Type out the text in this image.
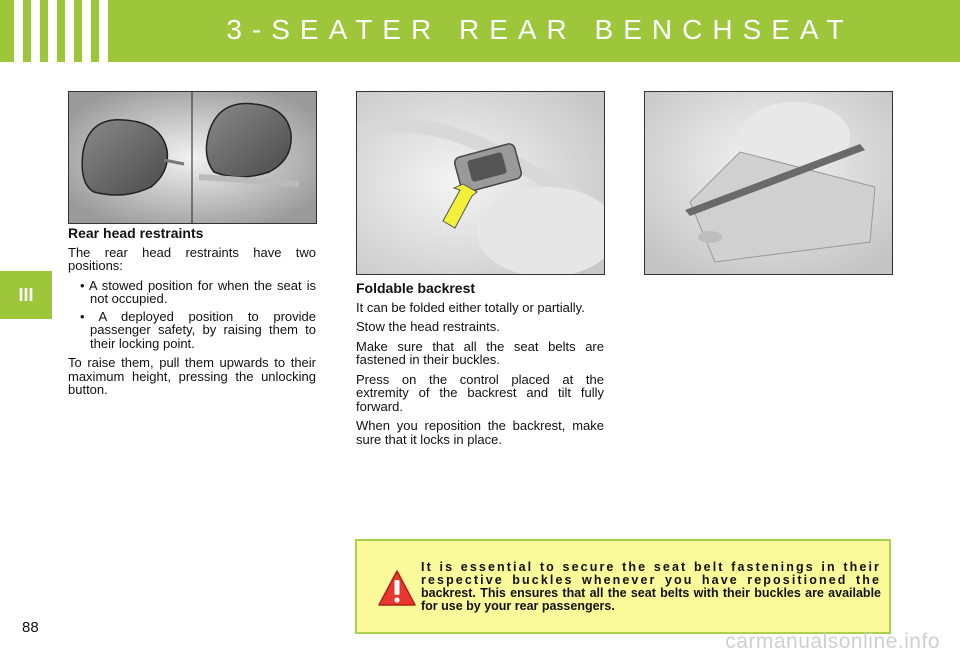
3-SEATER REAR BENCHSEAT
III
Rear head restraints

The rear head restraints have two positions:

• A stowed position for when the seat is not occupied.
• A deployed position to provide passenger safety, by raising them to their locking point.

To raise them, pull them upwards to their maximum height, pressing the unlocking button.

Foldable backrest

It can be folded either totally or partially.

Stow the head restraints.

Make sure that all the seat belts are fastened in their buckles.

Press on the control placed at the extremity of the backrest and tilt fully forward.

When you reposition the backrest, make sure that it locks in place.

It is essential to secure the seat belt fastenings in their respective buckles whenever you have repositioned the backrest. This ensures that all the seat belts with their buckles are available for use by your rear passengers.
88
carmanualsonline.info
